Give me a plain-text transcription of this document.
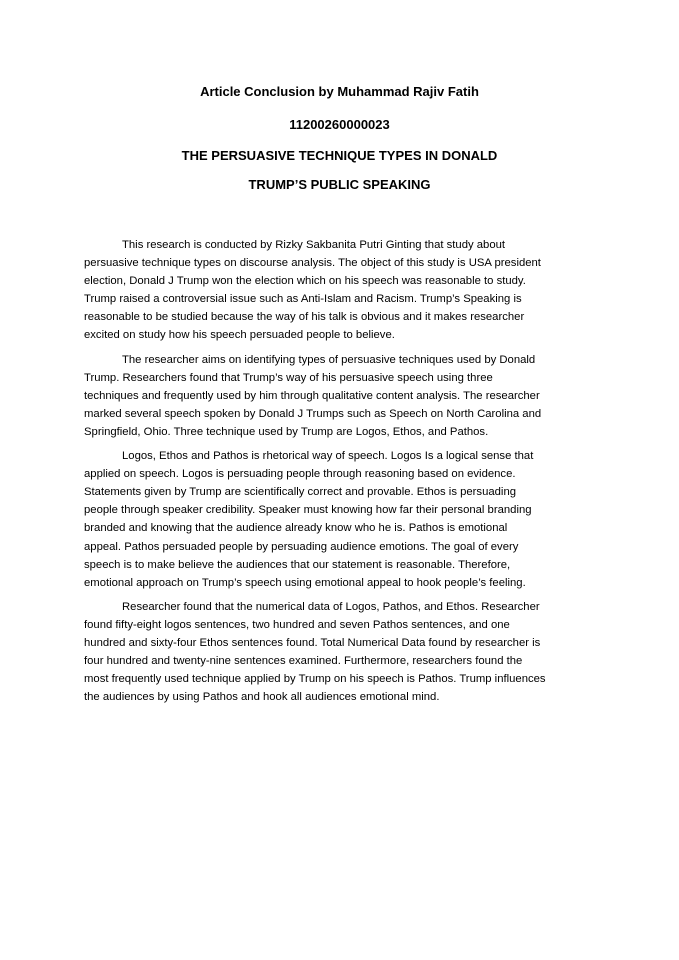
Article Conclusion by Muhammad Rajiv Fatih
11200260000023
THE PERSUASIVE TECHNIQUE TYPES IN DONALD
TRUMP’S PUBLIC SPEAKING
This research is conducted by Rizky Sakbanita Putri Ginting that study about
persuasive technique types on discourse analysis. The object of this study is USA president
election, Donald J Trump won the election which on his speech was reasonable to study.
Trump raised a controversial issue such as Anti-Islam and Racism. Trump’s Speaking is
reasonable to be studied because the way of his talk is obvious and it makes researcher
excited on study how his speech persuaded people to believe.
The researcher aims on identifying types of persuasive techniques used by Donald
Trump. Researchers found that Trump’s way of his persuasive speech using three
techniques and frequently used by him through qualitative content analysis. The researcher
marked several speech spoken by Donald J Trumps such as Speech on North Carolina and
Springfield, Ohio. Three technique used by Trump are Logos, Ethos, and Pathos.
Logos, Ethos and Pathos is rhetorical way of speech. Logos Is a logical sense that
applied on speech. Logos is persuading people through reasoning based on evidence.
Statements given by Trump are scientifically correct and provable. Ethos is persuading
people through speaker credibility. Speaker must knowing how far their personal branding
branded and knowing that the audience already know who he is. Pathos is emotional
appeal. Pathos persuaded people by persuading audience emotions. The goal of every
speech is to make believe the audiences that our statement is reasonable. Therefore,
emotional approach on Trump’s speech using emotional appeal to hook people’s feeling.
Researcher found that the numerical data of Logos, Pathos, and Ethos. Researcher
found fifty-eight logos sentences, two hundred and seven Pathos sentences, and one
hundred and sixty-four Ethos sentences found. Total Numerical Data found by researcher is
four hundred and twenty-nine sentences examined. Furthermore, researchers found the
most frequently used technique applied by Trump on his speech is Pathos. Trump influences
the audiences by using Pathos and hook all audiences emotional mind.
